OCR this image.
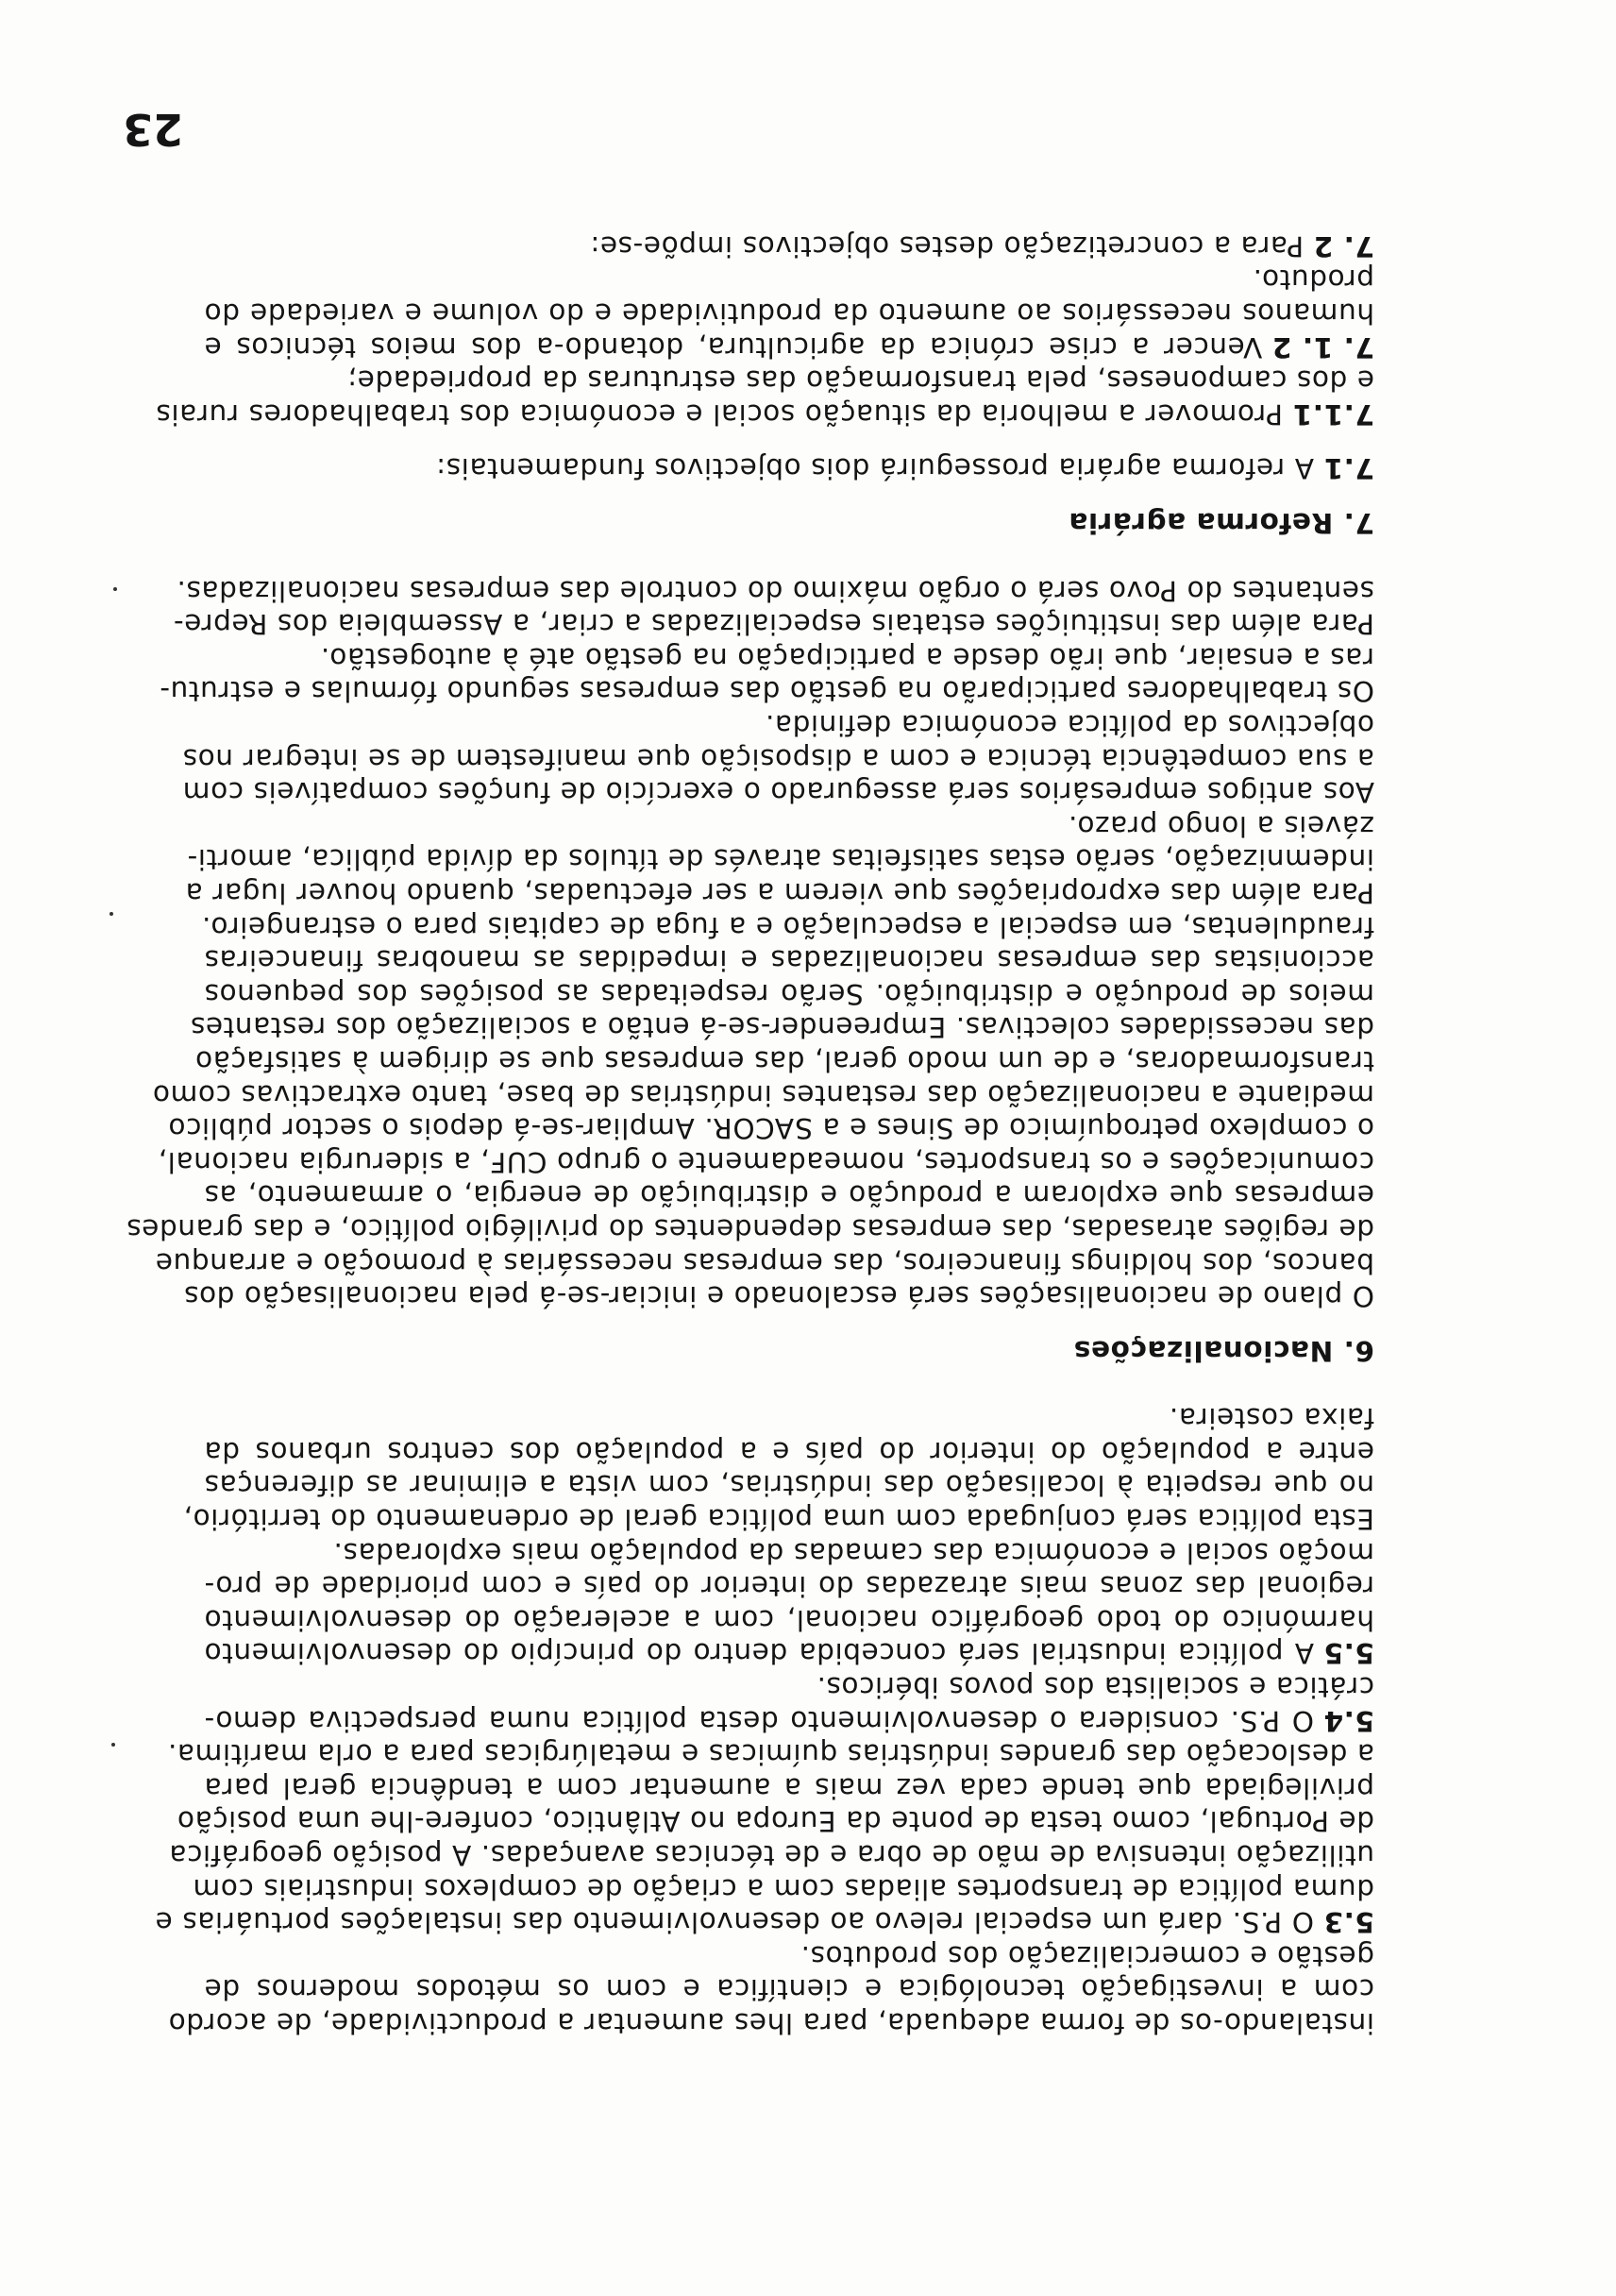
instalando-os de forma adequada, para lhes aumentar a productividade, de acordo
com a investigação tecnológica e científica e com os métodos modernos de
gestão e comercialização dos produtos.
5.3O P.S. dará um especial relevo ao desenvolvimento das instalações portuárias e
duma política de transportes aliadas com a criação de complexos industriais com
utilização intensiva de mão de obra e de técnicas avançadas. A posição geográfica
de Portugal, como testa de ponte da Europa no Atlântico, confere-lhe uma posição
privilegiada que tende cada vez mais a aumentar com a tendência geral para
a deslocação das grandes indústrias químicas e metalúrgicas para a orla marítima.
5.4O P.S. considera o desenvolvimento desta política numa perspectiva demo-
crática e socialista dos povos ibéricos.
5.5A política industrial será concebida dentro do princípio do desenvolvimento
harmónico do todo geográfico nacional, com a aceleração do desenvolvimento
regional das zonas mais atrazadas do interior do país e com prioridade de pro-
moção social e económica das camadas da população mais exploradas.
Esta política será conjugada com uma política geral de ordenamento do território,
no que respeita à localisação das indústrias, com vista a eliminar as diferenças
entre a população do interior do país e a população dos centros urbanos da
faixa costeira.
6. Nacionalizações
O plano de nacionalisações será escalonado e iniciar-se-á pela nacionalisação dos
bancos, dos holdings financeiros, das empresas necessárias à promoção e arranque
de regiões atrasadas, das empresas dependentes do privilégio político, e das grandes
empresas que exploram a produção e distribuição de energia, o armamento, as
comunicações e os transportes, nomeadamente o grupo CUF, a siderurgia nacional,
o complexo petroquímico de Sines e a SACOR. Ampliar-se-á depois o sector público
mediante a nacionalização das restantes indústrias de base, tanto extractivas como
transformadoras, e de um modo geral, das empresas que se dirigem à satisfação
das necessidades colectivas. Empreender-se-á então a socialização dos restantes
meios de produção e distribuição. Serão respeitadas as posições dos pequenos
accionistas das empresas nacionalizadas e impedidas as manobras financeiras
fraudulentas, em especial a especulação e a fuga de capitais para o estrangeiro.
Para além das expropriações que vierem a ser efectuadas, quando houver lugar a
indemnização, serão estas satisfeitas através de títulos da dívida pública, amorti-
záveis a longo prazo.
Aos antigos empresários será assegurado o exercício de funções compatíveis com
a sua competência técnica e com a disposição que manifestem de se integrar nos
objectivos da política económica definida.
Os trabalhadores participarão na gestão das empresas segundo fórmulas e estrutu-
ras a ensaiar, que irão desde a participação na gestão até à autogestão.
Para além das instituições estatais especializadas a criar, a Assembleia dos Repre-
sentantes do Povo será o orgão máximo do controle das empresas nacionalizadas.
7. Reforma agrária
7.1A reforma agrária prosseguirá dois objectivos fundamentais:
7.1.1Promover a melhoria da situação social e económica dos trabalhadores rurais
e dos camponeses, pela transformação das estruturas da propriedade;
7. 1. 2Vencer a crise crónica da agricultura, dotando-a dos meios técnicos e
humanos necessários ao aumento da produtividade e do volume e variedade do
produto.
7. 2Para a concretização destes objectivos impõe-se:
23
